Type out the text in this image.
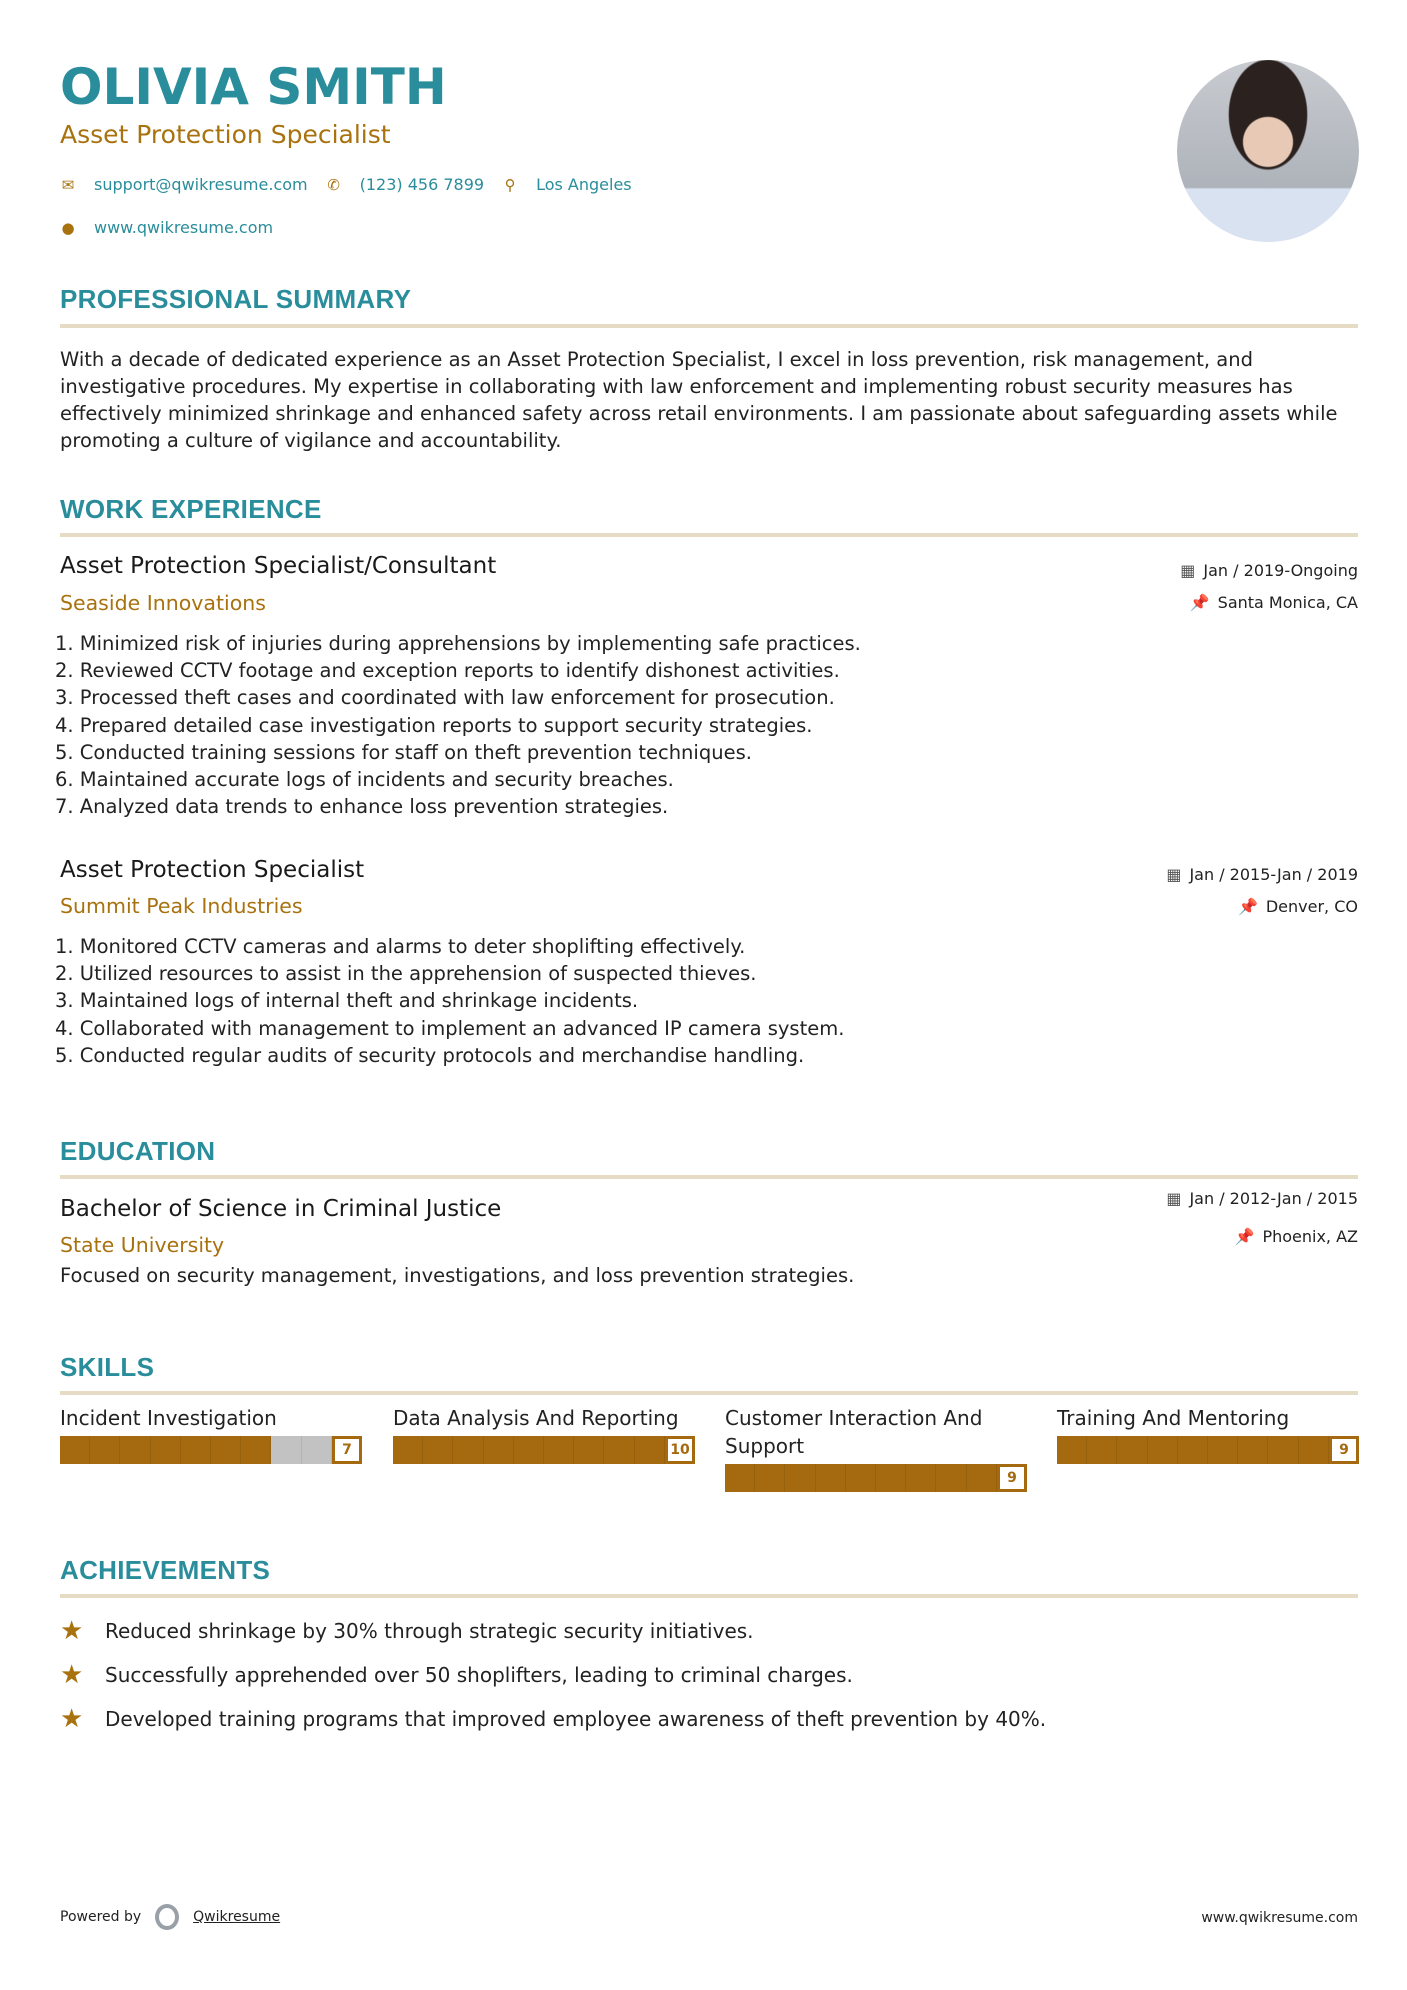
OLIVIA SMITH
Asset Protection Specialist
✉ support@qwikresume.com ✆ (123) 456 7899 ⚲ Los Angeles
● www.qwikresume.com
PROFESSIONAL SUMMARY
With a decade of dedicated experience as an Asset Protection Specialist, I excel in loss prevention, risk management, and investigative procedures. My expertise in collaborating with law enforcement and implementing robust security measures has effectively minimized shrinkage and enhanced safety across retail environments. I am passionate about safeguarding assets while promoting a culture of vigilance and accountability.
WORK EXPERIENCE
Asset Protection Specialist/Consultant
Seaside Innovations
▦ Jan / 2019-Ongoing
📌 Santa Monica, CA
1. Minimized risk of injuries during apprehensions by implementing safe practices.
2. Reviewed CCTV footage and exception reports to identify dishonest activities.
3. Processed theft cases and coordinated with law enforcement for prosecution.
4. Prepared detailed case investigation reports to support security strategies.
5. Conducted training sessions for staff on theft prevention techniques.
6. Maintained accurate logs of incidents and security breaches.
7. Analyzed data trends to enhance loss prevention strategies.
Asset Protection Specialist
Summit Peak Industries
▦ Jan / 2015-Jan / 2019
📌 Denver, CO
1. Monitored CCTV cameras and alarms to deter shoplifting effectively.
2. Utilized resources to assist in the apprehension of suspected thieves.
3. Maintained logs of internal theft and shrinkage incidents.
4. Collaborated with management to implement an advanced IP camera system.
5. Conducted regular audits of security protocols and merchandise handling.
EDUCATION
Bachelor of Science in Criminal Justice
State University
▦ Jan / 2012-Jan / 2015
📌 Phoenix, AZ
Focused on security management, investigations, and loss prevention strategies.
SKILLS
Incident Investigation
7
Data Analysis And Reporting
10
Customer Interaction And Support
9
Training And Mentoring
9
ACHIEVEMENTS
★	Reduced shrinkage by 30% through strategic security initiatives.
★	Successfully apprehended over 50 shoplifters, leading to criminal charges.
★	Developed training programs that improved employee awareness of theft prevention by 40%.
Powered by	Qwikresume	www.qwikresume.com
